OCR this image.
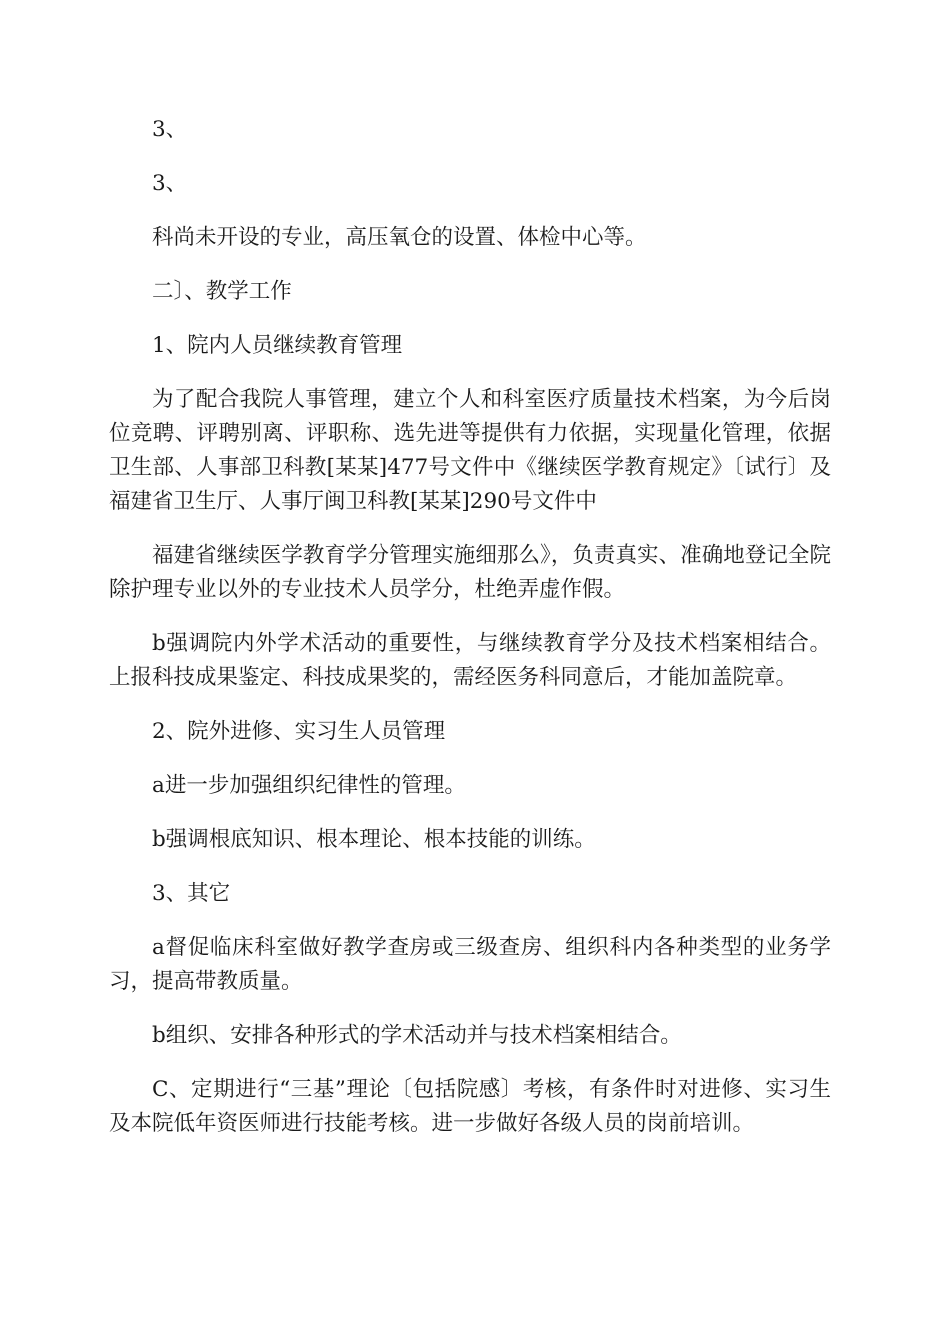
3、

3、

科尚未开设的专业，高压氧仓的设置、体检中心等。

二〕、教学工作

1、院内人员继续教育管理

为了配合我院人事管理，建立个人和科室医疗质量技术档案，为今后岗位竞聘、评聘别离、评职称、选先进等提供有力依据，实现量化管理，依据卫生部、人事部卫科教[某某]477号文件中《继续医学教育规定》〔试行〕及福建省卫生厅、人事厅闽卫科教[某某]290号文件中

福建省继续医学教育学分管理实施细那么》，负责真实、准确地登记全院除护理专业以外的专业技术人员学分，杜绝弄虚作假。

b强调院内外学术活动的重要性，与继续教育学分及技术档案相结合。上报科技成果鉴定、科技成果奖的，需经医务科同意后，才能加盖院章。

2、院外进修、实习生人员管理

a进一步加强组织纪律性的管理。

b强调根底知识、根本理论、根本技能的训练。

3、其它

a督促临床科室做好教学查房或三级查房、组织科内各种类型的业务学习，提高带教质量。

b组织、安排各种形式的学术活动并与技术档案相结合。

C、定期进行“三基”理论〔包括院感〕考核，有条件时对进修、实习生及本院低年资医师进行技能考核。进一步做好各级人员的岗前培训。
